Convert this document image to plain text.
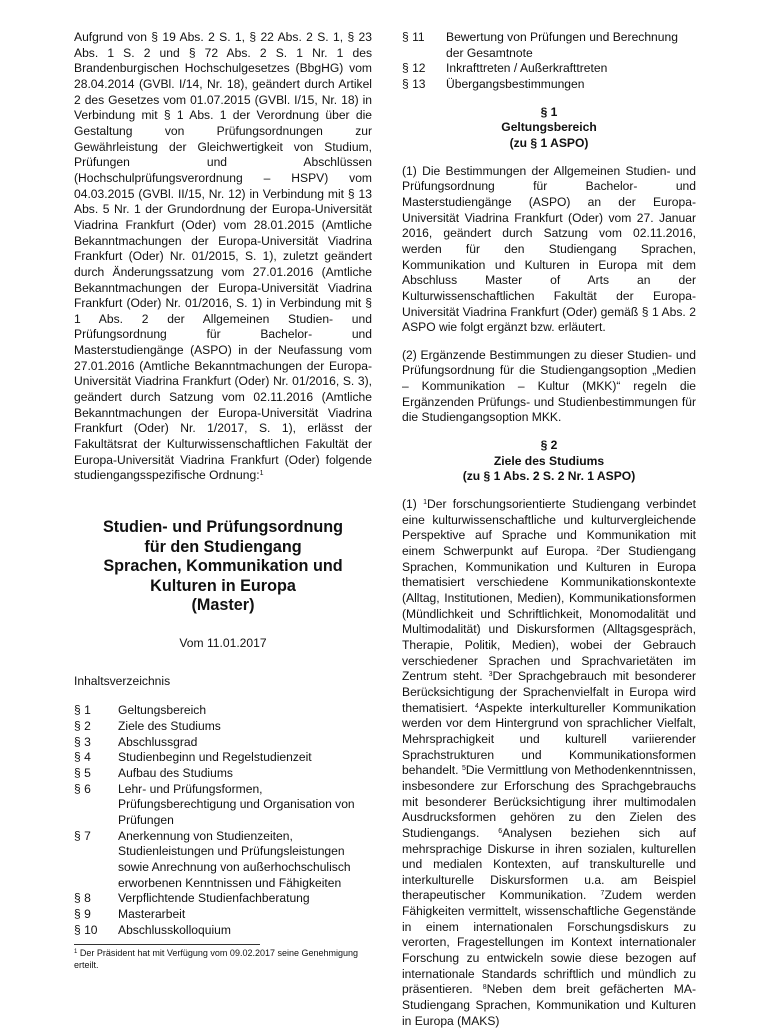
Aufgrund von § 19 Abs. 2 S. 1, § 22 Abs. 2 S. 1, § 23 Abs. 1 S. 2 und § 72 Abs. 2 S. 1 Nr. 1 des Brandenburgischen Hochschulgesetzes (BbgHG) vom 28.04.2014 (GVBl. I/14, Nr. 18), geändert durch Artikel 2 des Gesetzes vom 01.07.2015 (GVBl. I/15, Nr. 18) in Verbindung mit § 1 Abs. 1 der Verordnung über die Gestaltung von Prüfungsordnungen zur Gewährleistung der Gleichwertigkeit von Studium, Prüfungen und Abschlüssen (Hochschulprüfungsverordnung – HSPV) vom 04.03.2015 (GVBl. II/15, Nr. 12) in Verbindung mit § 13 Abs. 5 Nr. 1 der Grundordnung der Europa-Universität Viadrina Frankfurt (Oder) vom 28.01.2015 (Amtliche Bekanntmachungen der Europa-Universität Viadrina Frankfurt (Oder) Nr. 01/2015, S. 1), zuletzt geändert durch Änderungssatzung vom 27.01.2016 (Amtliche Bekanntmachungen der Europa-Universität Viadrina Frankfurt (Oder) Nr. 01/2016, S. 1) in Verbindung mit § 1 Abs. 2 der Allgemeinen Studien- und Prüfungsordnung für Bachelor- und Masterstudiengänge (ASPO) in der Neufassung vom 27.01.2016 (Amtliche Bekanntmachungen der Europa-Universität Viadrina Frankfurt (Oder) Nr. 01/2016, S. 3), geändert durch Satzung vom 02.11.2016 (Amtliche Bekanntmachungen der Europa-Universität Viadrina Frankfurt (Oder) Nr. 1/2017, S. 1), erlässt der Fakultätsrat der Kulturwissenschaftlichen Fakultät der Europa-Universität Viadrina Frankfurt (Oder) folgende studiengangsspezifische Ordnung:$^1$

Studien- und Prüfungsordnung

für den Studiengang

Sprachen, Kommunikation und

Kulturen in Europa

(Master)

Vom 11.01.2017

Inhaltsverzeichnis

§ 1	Geltungsbereich
§ 2	Ziele des Studiums
§ 3	Abschlussgrad
§ 4	Studienbeginn und Regelstudienzeit
§ 5	Aufbau des Studiums
§ 6	Lehr- und Prüfungsformen, Prüfungsberechtigung und Organisation von Prüfungen
§ 7	Anerkennung von Studienzeiten, Studienleistungen und Prüfungsleistungen sowie Anrechnung von außerhochschulisch erworbenen Kenntnissen und Fähigkeiten
§ 8	Verpflichtende Studienfachberatung
§ 9	Masterarbeit
§ 10	Abschlusskolloquium
§ 11	Bewertung von Prüfungen und Berechnung der Gesamtnote
§ 12	Inkrafttreten / Außerkrafttreten
§ 13	Übergangsbestimmungen

§ 1

Geltungsbereich

(zu § 1 ASPO)

(1) Die Bestimmungen der Allgemeinen Studien- und Prüfungsordnung für Bachelor- und Masterstudiengänge (ASPO) an der Europa-Universität Viadrina Frankfurt (Oder) vom 27. Januar 2016, geändert durch Satzung vom 02.11.2016, werden für den Studiengang Sprachen, Kommunikation und Kulturen in Europa mit dem Abschluss Master of Arts an der Kulturwissenschaftlichen Fakultät der Europa-Universität Viadrina Frankfurt (Oder) gemäß § 1 Abs. 2 ASPO wie folgt ergänzt bzw. erläutert.

(2) Ergänzende Bestimmungen zu dieser Studien- und Prüfungsordnung für die Studiengangsoption „Medien – Kommunikation – Kultur (MKK)“ regeln die Ergänzenden Prüfungs- und Studienbestimmungen für die Studiengangsoption MKK.

§ 2

Ziele des Studiums

(zu § 1 Abs. 2 S. 2 Nr. 1 ASPO)

(1) $^1$Der forschungsorientierte Studiengang verbindet eine kulturwissenschaftliche und kulturvergleichende Perspektive auf Sprache und Kommunikation mit einem Schwerpunkt auf Europa. $^2$Der Studiengang Sprachen, Kommunikation und Kulturen in Europa thematisiert verschiedene Kommunikationskontexte (Alltag, Institutionen, Medien), Kommunikationsformen (Mündlichkeit und Schriftlichkeit, Monomodalität und Multimodalität) und Diskursformen (Alltagsgespräch, Therapie, Politik, Medien), wobei der Gebrauch verschiedener Sprachen und Sprachvarietäten im Zentrum steht. $^3$Der Sprachgebrauch mit besonderer Berücksichtigung der Sprachenvielfalt in Europa wird thematisiert. $^4$Aspekte interkultureller Kommunikation werden vor dem Hintergrund von sprachlicher Vielfalt, Mehrsprachigkeit und kulturell variierender Sprachstrukturen und Kommunikationsformen behandelt. $^5$Die Vermittlung von Methodenkenntnissen, insbesondere zur Erforschung des Sprachgebrauchs mit besonderer Berücksichtigung ihrer multimodalen Ausdrucksformen gehören zu den Zielen des Studiengangs.	$^6$Analysen beziehen sich auf mehrsprachige Diskurse in ihren sozialen, kulturellen und medialen Kontexten, auf transkulturelle und interkulturelle Diskursformen u.a. am Beispiel therapeutischer Kommunikation. $^7$Zudem werden Fähigkeiten vermittelt, wissenschaftliche Gegenstände in einem internationalen Forschungsdiskurs zu verorten, Fragestellungen im Kontext internationaler Forschung zu entwickeln sowie diese bezogen auf internationale Standards schriftlich und mündlich zu präsentieren. $^8$Neben dem breit gefächerten MA-Studiengang Sprachen, Kommunikation und Kulturen in Europa (MAKS)

$^1$ Der Präsident hat mit Verfügung vom 09.02.2017 seine Genehmigung erteilt.
